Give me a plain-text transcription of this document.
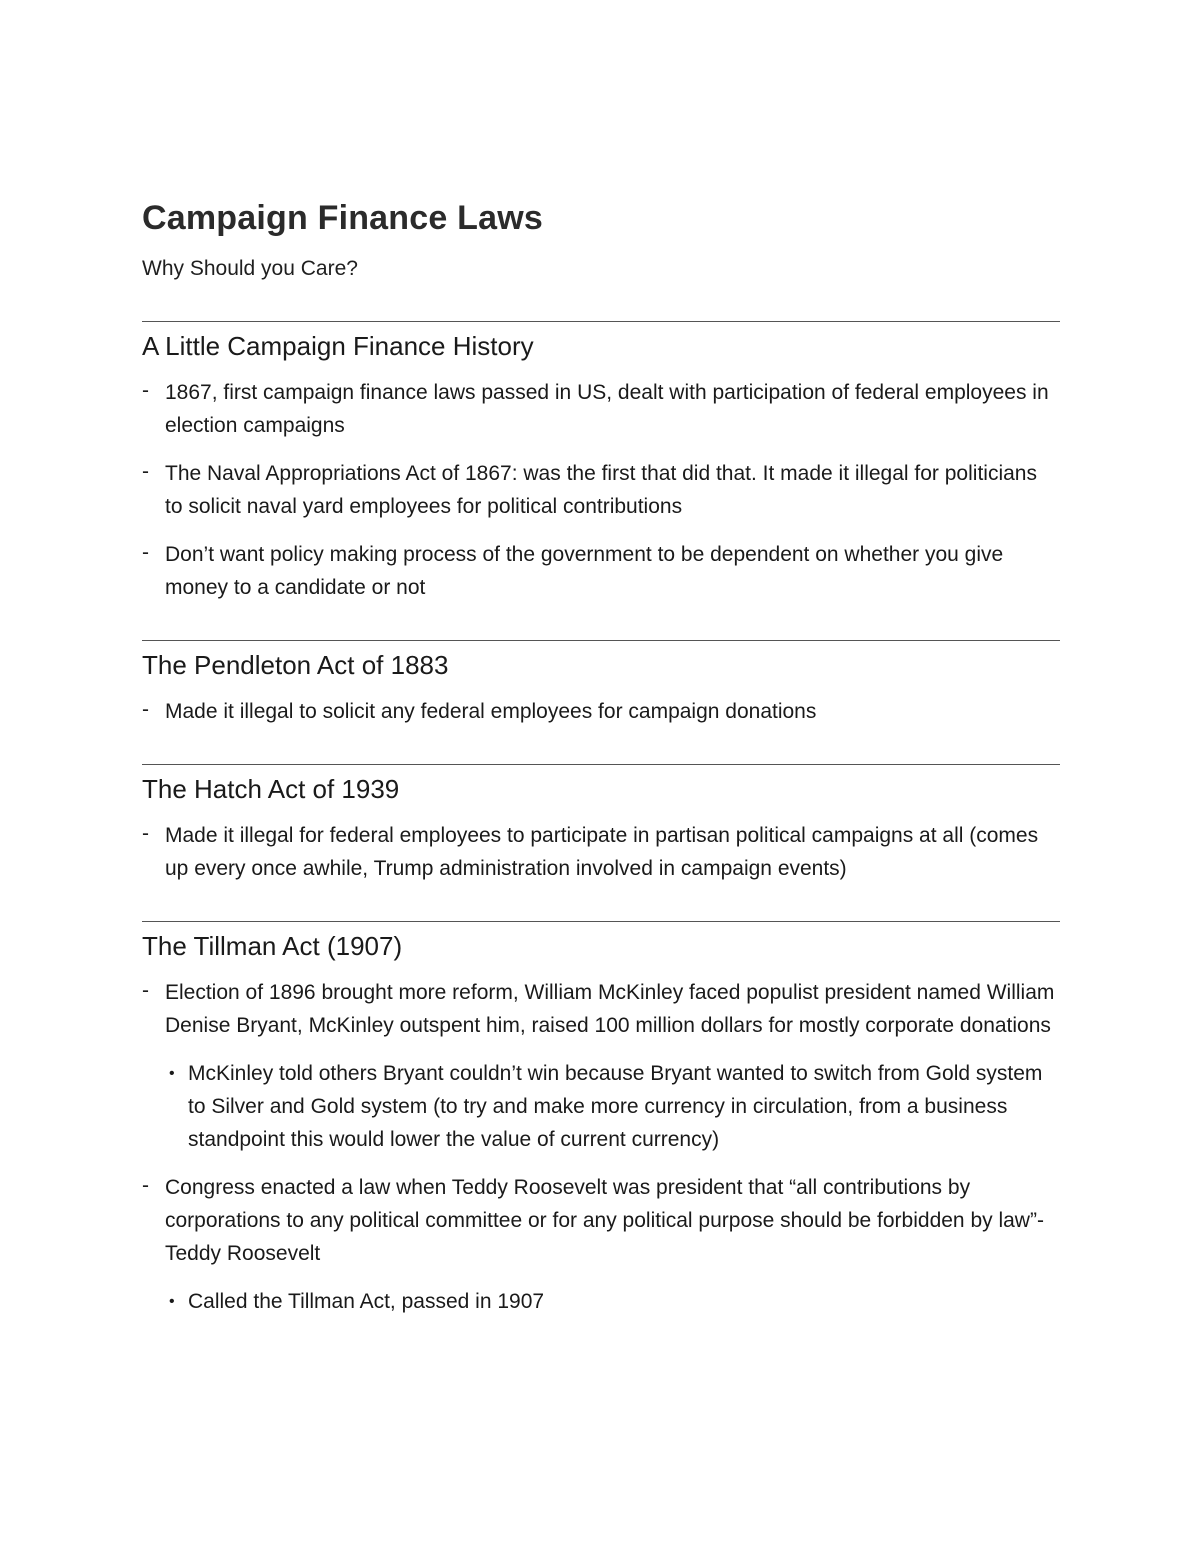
Campaign Finance Laws

Why Should you Care?

A Little Campaign Finance History
- 1867, first campaign finance laws passed in US, dealt with participation of federal employees in election campaigns
- The Naval Appropriations Act of 1867: was the first that did that. It made it illegal for politicians to solicit naval yard employees for political contributions
- Don’t want policy making process of the government to be dependent on whether you give money to a candidate or not
The Pendleton Act of 1883
- Made it illegal to solicit any federal employees for campaign donations
The Hatch Act of 1939
- Made it illegal for federal employees to participate in partisan political campaigns at all (comes up every once awhile, Trump administration involved in campaign events)
The Tillman Act (1907)
- Election of 1896 brought more reform, William McKinley faced populist president named William Denise Bryant, McKinley outspent him, raised 100 million dollars for mostly corporate donations
• McKinley told others Bryant couldn’t win because Bryant wanted to switch from Gold system to Silver and Gold system (to try and make more currency in circulation, from a business standpoint this would lower the value of current currency)
- Congress enacted a law when Teddy Roosevelt was president that “all contributions by corporations to any political committee or for any political purpose should be forbidden by law”- Teddy Roosevelt
• Called the Tillman Act, passed in 1907
